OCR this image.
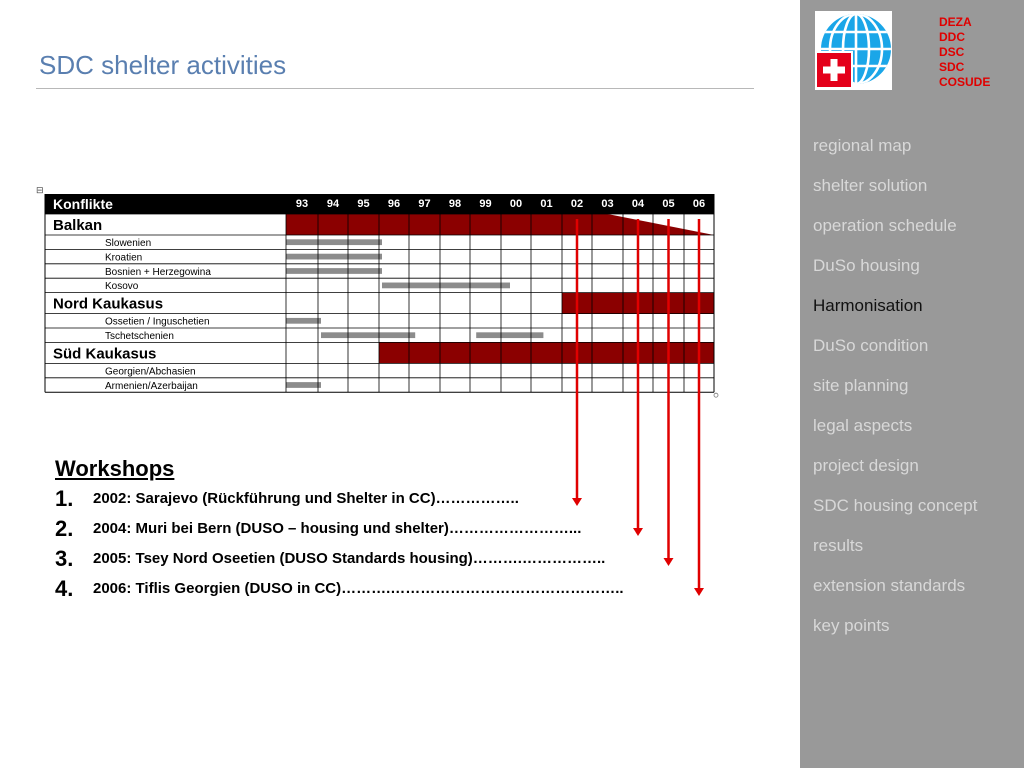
SDC shelter activities
DEZA
DDC
DSC
SDC
COSUDE
regional map
shelter solution
operation schedule
DuSo housing
Harmonisation
DuSo condition
site planning
legal aspects
project design
SDC housing concept
results
extension standards
key points
⊟
Konflikte	93 94 95 96 97 98 99 00 01 02 03 04 05 06
Balkan
Slowenien
Kroatien
Bosnien + Herzegowina
Kosovo
Nord Kaukasus
Ossetien / Inguschetien
Tschetschenien
Süd Kaukasus
Georgien/Abchasien
Armenien/Azerbaijan
Workshops
1. 2002: Sarajevo (Rückführung und Shelter in CC)……………..
2. 2004: Muri bei Bern (DUSO – housing und shelter)……………………...
3. 2005: Tsey Nord Oseetien (DUSO Standards housing)……….……………..
4. 2006: Tiflis Georgien (DUSO in CC)……….………………………………………..
